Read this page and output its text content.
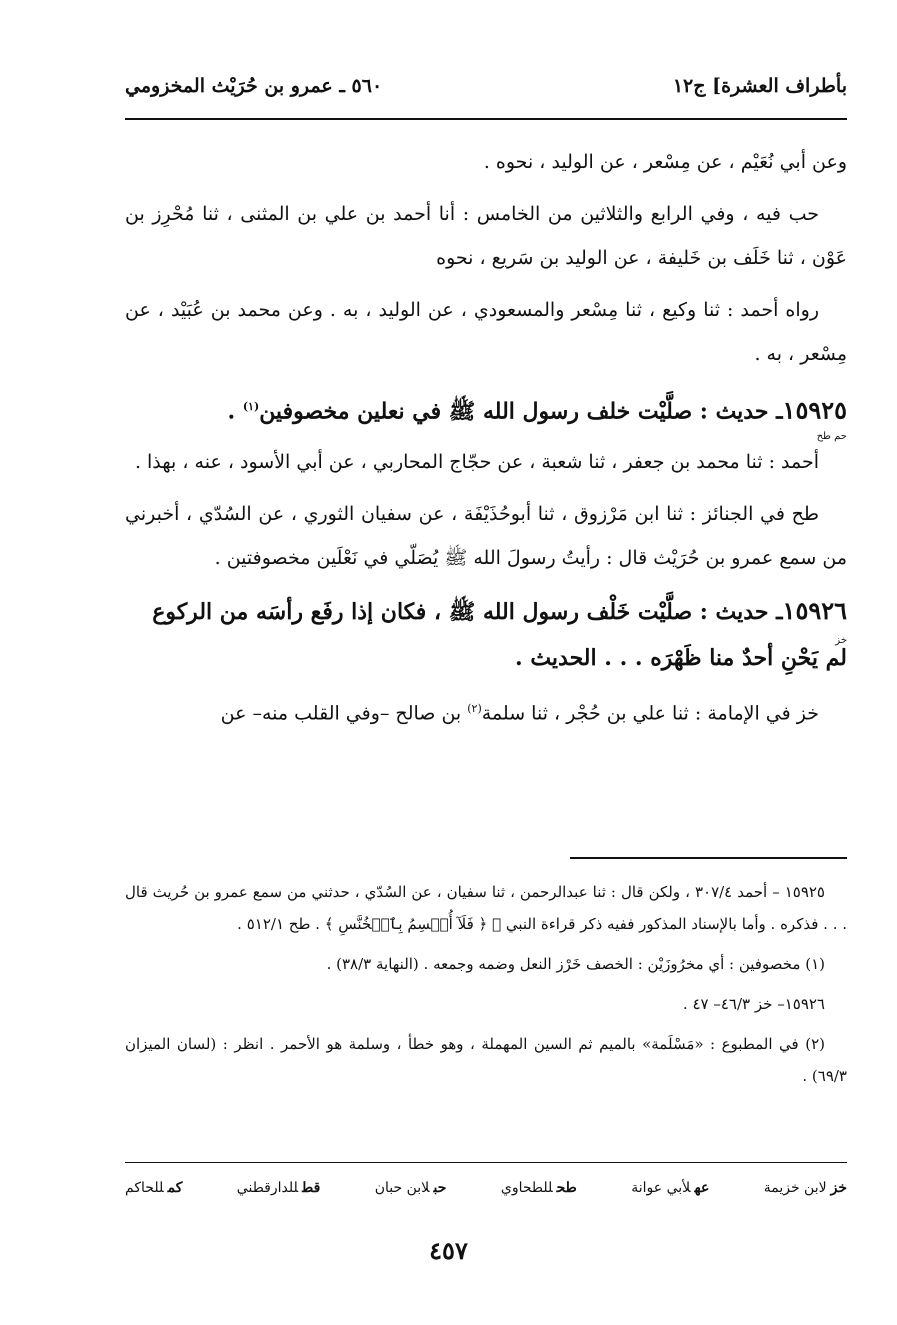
بأطراف العشرة] ج١٢
٥٦٠ ـ عمرو بن حُرَيْث المخزومي

وعن أبي نُعَيْم ، عن مِسْعر ، عن الوليد ، نحوه .

حب فيه ، وفي الرابع والثلاثين من الخامس : أنا أحمد بن علي بن المثنى ، ثنا مُحْرِز بن عَوْن ، ثنا خَلَف بن خَليفة ، عن الوليد بن سَريع ، نحوه

رواه أحمد : ثنا وكيع ، ثنا مِسْعر والمسعودي ، عن الوليد ، به . وعن محمد بن عُبَيْد ، عن مِسْعر ، به .

١٥٩٢٥ـ حديث : صلَّيْت خلف رسول الله ﷺ في نعلين مخصوفين$^{(١)}$ .
حم طح

أحمد : ثنا محمد بن جعفر ، ثنا شعبة ، عن حجّاج المحاربي ، عن أبي الأسود ، عنه ، بهذا .

طح في الجنائز : ثنا ابن مَرْزوق ، ثنا أبوحُذَيْفَة ، عن سفيان الثوري ، عن السُدّي ، أخبرني من سمع عمرو بن حُرَيْث قال : رأيتُ رسولَ الله ﷺ يُصَلّي في نَعْلَين مخصوفتين .

١٥٩٢٦ـ حديث : صلَّيْت خَلْف رسول الله ﷺ ، فكان إذا رفَع رأسَه من الركوع لم يَحْنِ أحدٌ منا ظَهْرَه . . . الحديث .
خز

خز في الإمامة : ثنا علي بن حُجْر ، ثنا سلمة$^{(٢)}$ بن صالح –وفي القلب منه– عن

١٥٩٢٥ – أحمد ٣٠٧/٤ ، ولكن قال : ثنا عبدالرحمن ، ثنا سفيان ، عن السُدّي ، حدثني من سمع عمرو بن حُريث قال . . . فذكره . وأما بالإسناد المذكور ففيه ذكر قراءة النبي ﷺ ﴿ فَلَآ أُقۡسِمُ بِٱلۡخُنَّسِ ﴾ . طح ٥١٢/١ .

(١) مخصوفين : أي مخرُوزَيْن : الخصف خَرْز النعل وضمه وجمعه . (النهاية ٣٨/٣) .

١٥٩٢٦– خز ٤٦/٣– ٤٧ .

(٢) في المطبوع : «مَسْلَمة» بالميم ثم السين المهملة ، وهو خطأ ، وسلمة هو الأحمر . انظر : (لسان الميزان ٦٩/٣) .

خزلابن خزيمة
عهلأبي عوانة
طحللطحاوي
حبلابن حبان
قطللدارقطني
كمللحاكم
٤٥٧
